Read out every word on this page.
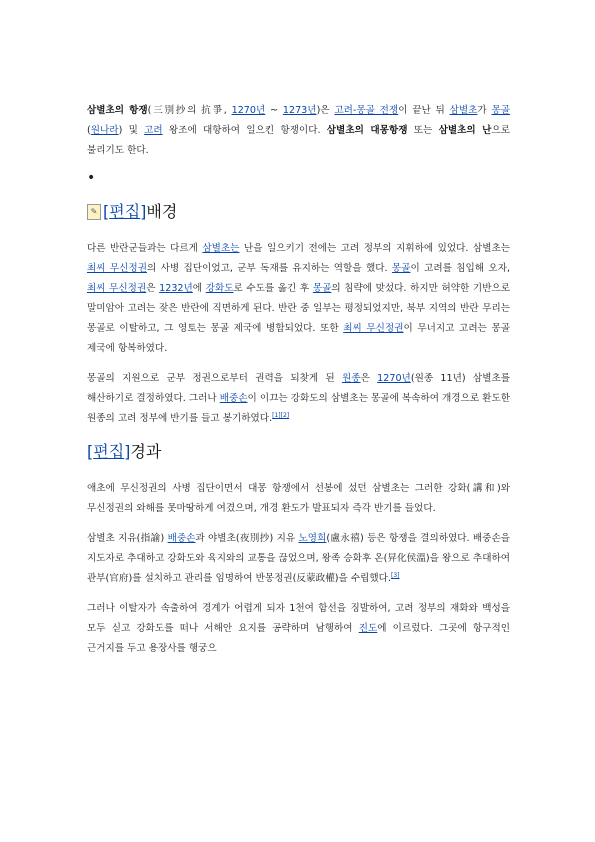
삼별초의 항쟁(三別抄의 抗爭, 1270년 ~ 1273년)은 고려-몽골 전쟁이 끝난 뒤 삼별초가 몽골(원나라) 및 고려 왕조에 대항하여 일으킨 항쟁이다. 삼별초의 대몽항쟁 또는 삼별초의 난으로 불리기도 한다.

•
✎ [편집] 배경

다른 반란군들과는 다르게 삼별초는 난을 일으키기 전에는 고려 정부의 지휘하에 있었다. 삼별초는 최씨 무신정권의 사병 집단이었고, 군부 독재를 유지하는 역할을 했다. 몽골이 고려를 침입해 오자, 최씨 무신정권은 1232년에 강화도로 수도를 옮긴 후 몽골의 침략에 맞섰다. 하지만 허약한 기반으로 말미암아 고려는 잦은 반란에 직면하게 된다. 반란 중 일부는 평정되었지만, 북부 지역의 반란 무리는 몽골로 이탈하고, 그 영토는 몽골 제국에 병합되었다. 또한 최씨 무신정권이 무너지고 고려는 몽골 제국에 항복하였다.

몽골의 지원으로 군부 정권으로부터 권력을 되찾게 된 원종은 1270년(원종 11년) 삼별초를 해산하기로 결정하였다. 그러나 배중손이 이끄는 강화도의 삼별초는 몽골에 복속하여 개경으로 환도한 원종의 고려 정부에 반기를 들고 봉기하였다.[1][2]

[편집] 경과

애초에 무신정권의 사병 집단이면서 대몽 항쟁에서 선봉에 섰던 삼별초는 그러한 강화(講和)와 무신정권의 와해를 못마땅하게 여겼으며, 개경 환도가 발표되자 즉각 반기를 들었다.

삼별초 지유(指諭) 배중손과 야별초(夜別抄) 지유 노영희(盧永禧) 등은 항쟁을 결의하였다. 배중손을 지도자로 추대하고 강화도와 육지와의 교통을 끊었으며, 왕족 승화후 온(昇化侯溫)을 왕으로 추대하여 관부(官府)를 설치하고 관리를 임명하여 반몽정권(反蒙政權)을 수립했다.[3]

그러나 이탈자가 속출하여 경계가 어렵게 되자 1천여 함선을 징발하여, 고려 정부의 재화와 백성을 모두 싣고 강화도를 떠나 서해안 요지를 공략하며 남행하여 진도에 이르렀다. 그곳에 항구적인 근거지를 두고 용장사를 행궁으
